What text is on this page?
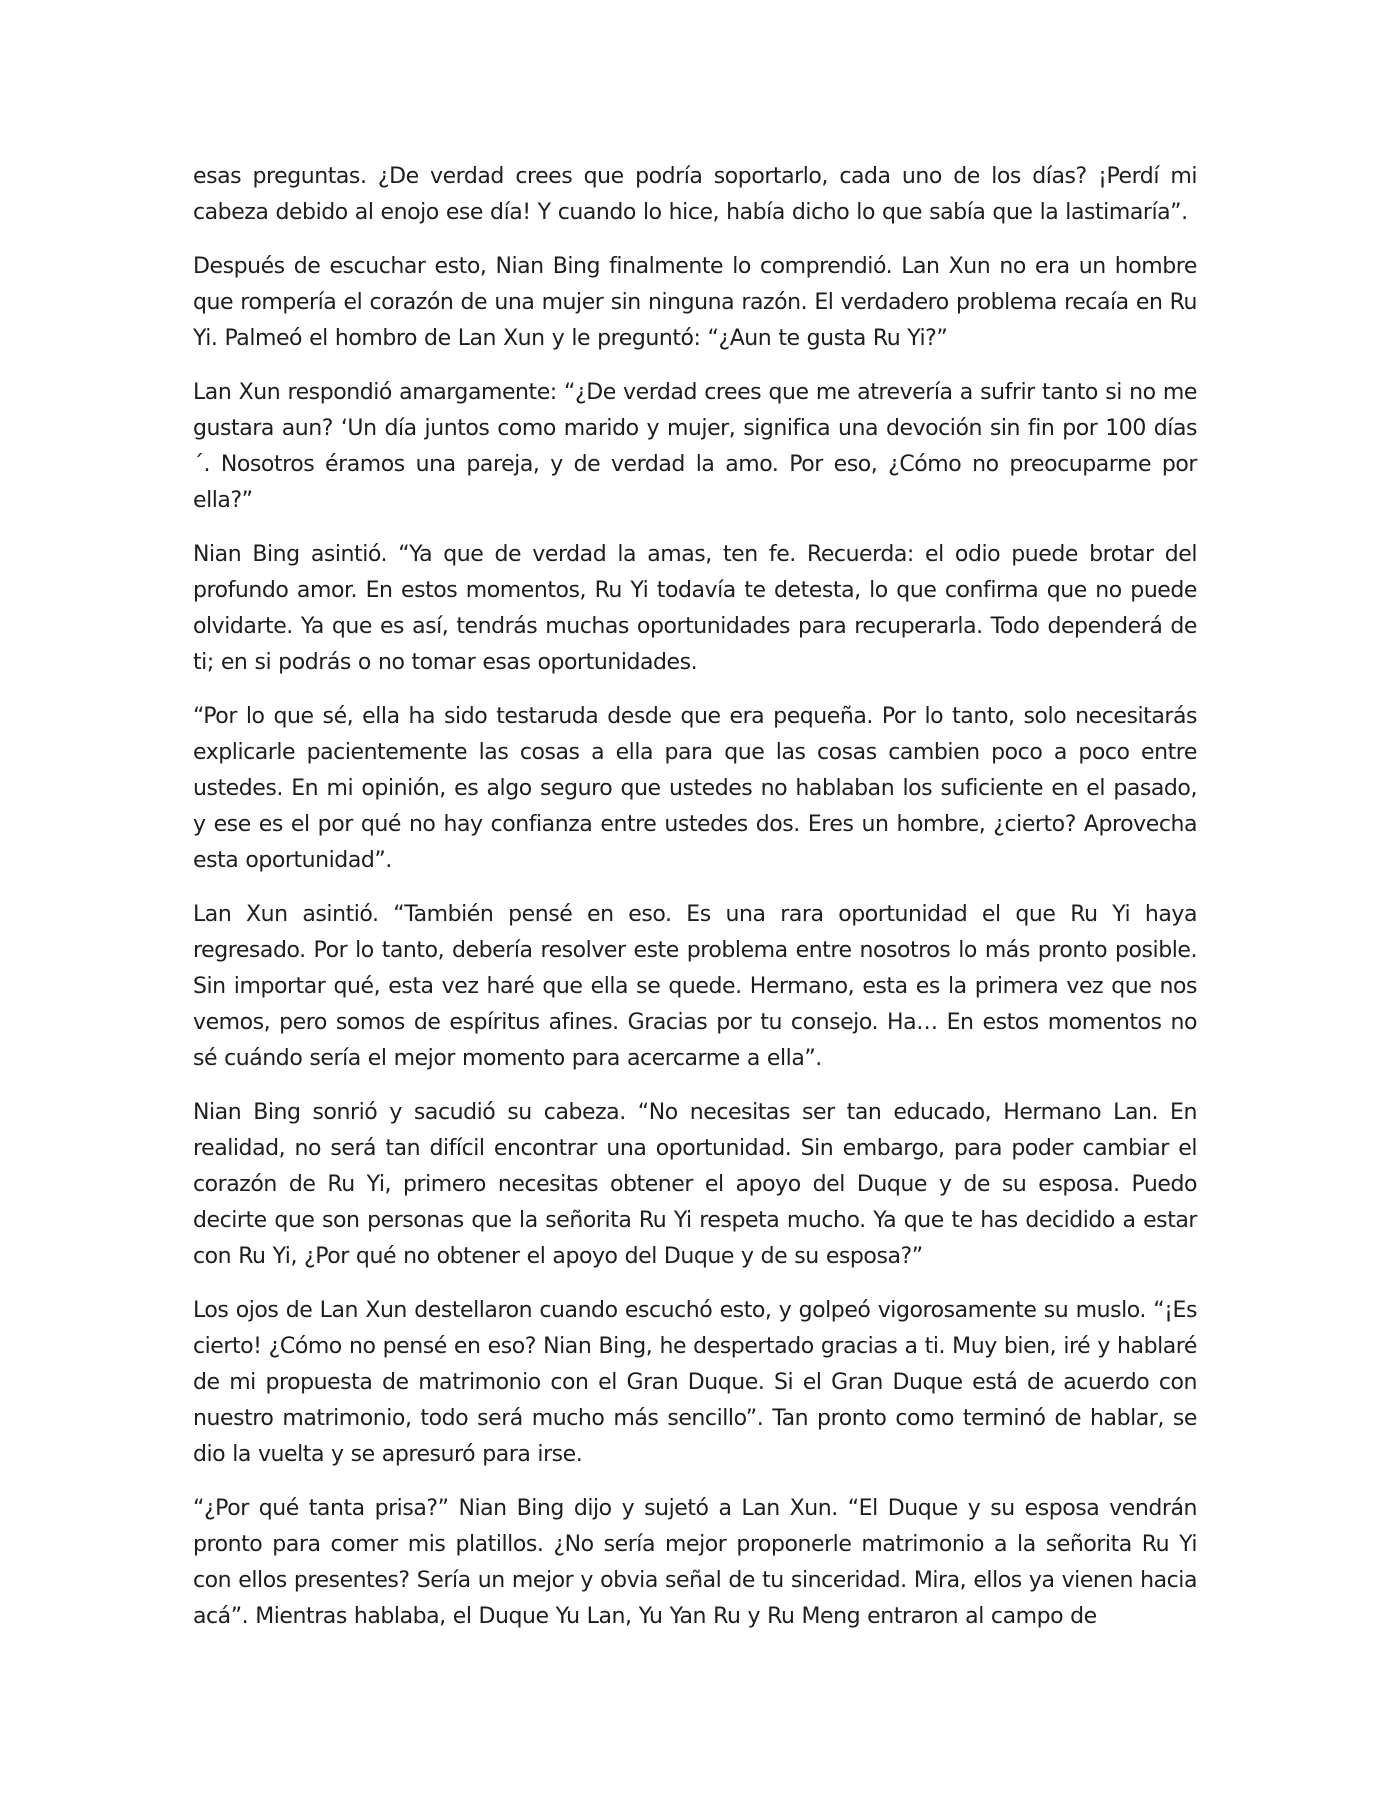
esas preguntas. ¿De verdad crees que podría soportarlo, cada uno de los días? ¡Perdí mi cabeza debido al enojo ese día! Y cuando lo hice, había dicho lo que sabía que la lastimaría”.

Después de escuchar esto, Nian Bing finalmente lo comprendió. Lan Xun no era un hombre que rompería el corazón de una mujer sin ninguna razón. El verdadero problema recaía en Ru Yi. Palmeó el hombro de Lan Xun y le preguntó: “¿Aun te gusta Ru Yi?”

Lan Xun respondió amargamente: “¿De verdad crees que me atrevería a sufrir tanto si no me gustara aun? ‘Un día juntos como marido y mujer, significa una devoción sin fin por 100 días´. Nosotros éramos una pareja, y de verdad la amo. Por eso, ¿Cómo no preocuparme por ella?”

Nian Bing asintió. “Ya que de verdad la amas, ten fe. Recuerda: el odio puede brotar del profundo amor. En estos momentos, Ru Yi todavía te detesta, lo que confirma que no puede olvidarte. Ya que es así, tendrás muchas oportunidades para recuperarla. Todo dependerá de ti; en si podrás o no tomar esas oportunidades.

“Por lo que sé, ella ha sido testaruda desde que era pequeña. Por lo tanto, solo necesitarás explicarle pacientemente las cosas a ella para que las cosas cambien poco a poco entre ustedes. En mi opinión, es algo seguro que ustedes no hablaban los suficiente en el pasado, y ese es el por qué no hay confianza entre ustedes dos. Eres un hombre, ¿cierto? Aprovecha esta oportunidad”.

Lan Xun asintió. “También pensé en eso. Es una rara oportunidad el que Ru Yi haya regresado. Por lo tanto, debería resolver este problema entre nosotros lo más pronto posible. Sin importar qué, esta vez haré que ella se quede. Hermano, esta es la primera vez que nos vemos, pero somos de espíritus afines. Gracias por tu consejo. Ha… En estos momentos no sé cuándo sería el mejor momento para acercarme a ella”.

Nian Bing sonrió y sacudió su cabeza. “No necesitas ser tan educado, Hermano Lan. En realidad, no será tan difícil encontrar una oportunidad. Sin embargo, para poder cambiar el corazón de Ru Yi, primero necesitas obtener el apoyo del Duque y de su esposa. Puedo decirte que son personas que la señorita Ru Yi respeta mucho. Ya que te has decidido a estar con Ru Yi, ¿Por qué no obtener el apoyo del Duque y de su esposa?”

Los ojos de Lan Xun destellaron cuando escuchó esto, y golpeó vigorosamente su muslo. “¡Es cierto! ¿Cómo no pensé en eso? Nian Bing, he despertado gracias a ti. Muy bien, iré y hablaré de mi propuesta de matrimonio con el Gran Duque. Si el Gran Duque está de acuerdo con nuestro matrimonio, todo será mucho más sencillo”. Tan pronto como terminó de hablar, se dio la vuelta y se apresuró para irse.

“¿Por qué tanta prisa?” Nian Bing dijo y sujetó a Lan Xun. “El Duque y su esposa vendrán pronto para comer mis platillos. ¿No sería mejor proponerle matrimonio a la señorita Ru Yi con ellos presentes? Sería un mejor y obvia señal de tu sinceridad. Mira, ellos ya vienen hacia acá”. Mientras hablaba, el Duque Yu Lan, Yu Yan Ru y Ru Meng entraron al campo de
